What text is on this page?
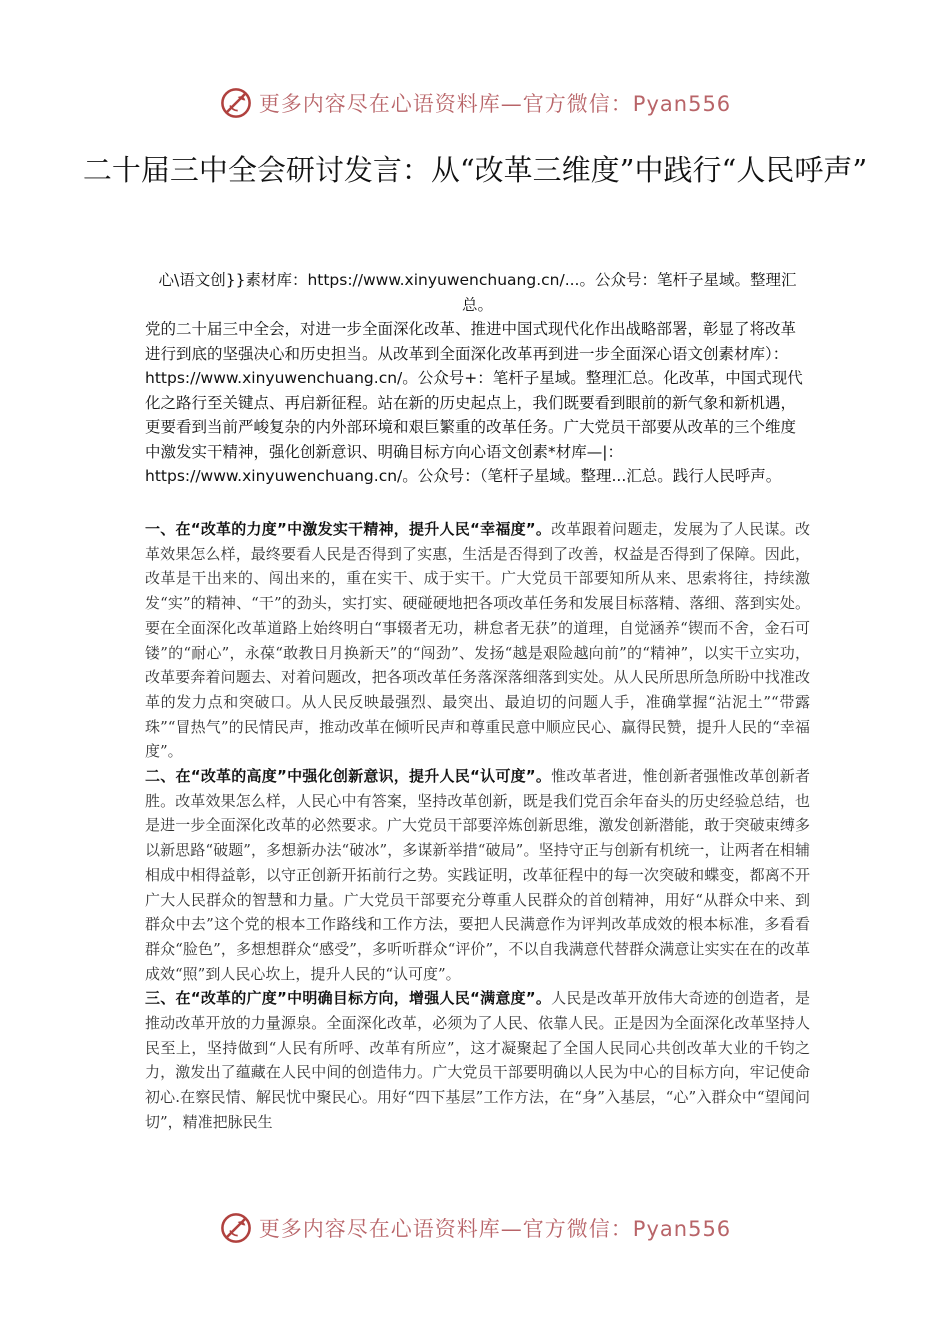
更多内容尽在心语资料库—官方微信：Pyan556
二十届三中全会研讨发言：从“改革三维度”中践行“人民呼声”

心\语文创}}素材库：https://www.xinyuwenchuang.cn/...。公众号：笔杆子星域。整理汇总。

党的二十届三中全会，对进一步全面深化改革、推进中国式现代化作出战略部署，彰显了将改革进行到底的坚强决心和历史担当。从改革到全面深化改革再到进一步全面深心语文创素材库）：https://www.xinyuwenchuang.cn/。公众号+：笔杆子星域。整理汇总。化改革，中国式现代化之路行至关键点、再启新征程。站在新的历史起点上，我们既要看到眼前的新气象和新机遇，更要看到当前严峻复杂的内外部环境和艰巨繁重的改革任务。广大党员干部要从改革的三个维度中激发实干精神，强化创新意识、明确目标方向心语文创素*材库—|：https://www.xinyuwenchuang.cn/。公众号：（笔杆子星域。整理...汇总。践行人民呼声。

一、在“改革的力度”中激发实干精神，提升人民“幸福度”。改革跟着问题走，发展为了人民谋。改革效果怎么样，最终要看人民是否得到了实惠，生活是否得到了改善，权益是否得到了保障。因此，改革是干出来的、闯出来的，重在实干、成于实干。广大党员干部要知所从来、思索将往，持续激发“实”的精神、“干”的劲头，实打实、硬碰硬地把各项改革任务和发展目标落精、落细、落到实处。要在全面深化改革道路上始终明白“事辍者无功，耕怠者无获”的道理，自觉涵养“锲而不舍，金石可镂”的“耐心”，永葆“敢教日月换新天”的“闯劲”、发扬“越是艰险越向前”的“精神”，以实干立实功，改革要奔着问题去、对着问题改，把各项改革任务落深落细落到实处。从人民所思所急所盼中找准改革的发力点和突破口。从人民反映最强烈、最突出、最迫切的问题人手，准确掌握“沾泥土”“带露珠”“冒热气”的民情民声，推动改革在倾听民声和尊重民意中顺应民心、赢得民赞，提升人民的“幸福度”。

二、在“改革的高度”中强化创新意识，提升人民“认可度”。惟改革者进，惟创新者强惟改革创新者胜。改革效果怎么样，人民心中有答案，坚持改革创新，既是我们党百余年奋头的历史经验总结，也是进一步全面深化改革的必然要求。广大党员干部要淬炼创新思维，激发创新潜能，敢于突破束缚多以新思路“破题”，多想新办法“破冰”，多谋新举措“破局”。坚持守正与创新有机统一，让两者在相辅相成中相得益彰，以守正创新开拓前行之势。实践证明，改革征程中的每一次突破和蝶变，都离不开广大人民群众的智慧和力量。广大党员干部要充分尊重人民群众的首创精神，用好“从群众中来、到群众中去”这个党的根本工作路线和工作方法，要把人民满意作为评判改革成效的根本标准，多看看群众“脸色”，多想想群众“感受”，多听听群众“评价”，不以自我满意代替群众满意让实实在在的改革成效“照”到人民心坎上，提升人民的“认可度”。

三、在“改革的广度”中明确目标方向，增强人民“满意度”。人民是改革开放伟大奇迹的创造者，是推动改革开放的力量源泉。全面深化改革，必须为了人民、依靠人民。正是因为全面深化改革坚持人民至上，坚持做到“人民有所呼、改革有所应”，这才凝聚起了全国人民同心共创改革大业的千钧之力，激发出了蕴藏在人民中间的创造伟力。广大党员干部要明确以人民为中心的目标方向，牢记使命初心.在察民情、解民忧中聚民心。用好“四下基层”工作方法，在“身”入基层，“心”入群众中“望闻问切”，精准把脉民生

更多内容尽在心语资料库—官方微信：Pyan556
